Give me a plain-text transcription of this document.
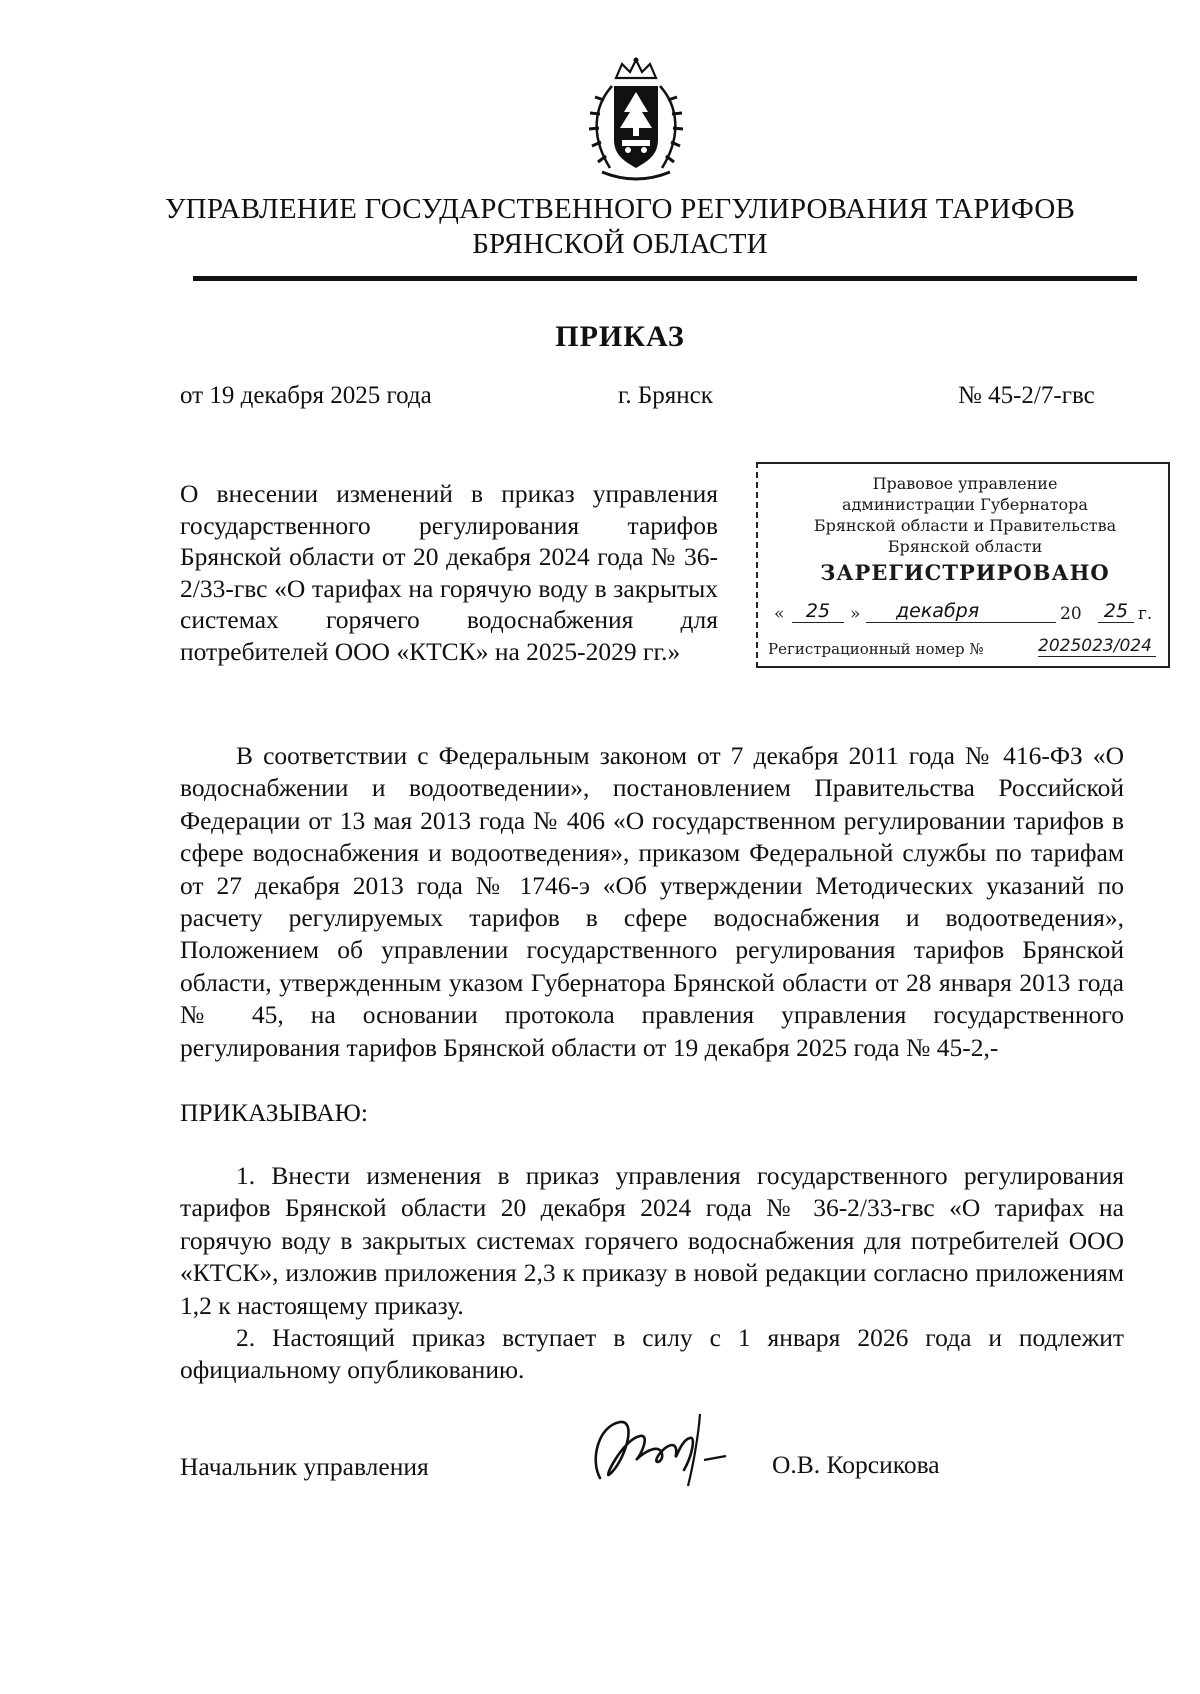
УПРАВЛЕНИЕ ГОСУДАРСТВЕННОГО РЕГУЛИРОВАНИЯ ТАРИФОВ
БРЯНСКОЙ ОБЛАСТИ
ПРИКАЗ
от 19 декабря 2025 года	г. Брянск	№ 45-2/7-гвс
О внесении изменений в приказ управления государственного регулирования тарифов Брянской области от 20 декабря 2024 года № 36-2/33-гвс «О тарифах на горячую воду в закрытых системах горячего водоснабжения для потребителей ООО «КТСК» на 2025-2029 гг.»
Правовое управление
администрации Губернатора
Брянской области и Правительства
Брянской области
ЗАРЕГИСТРИРОВАНО
«	25	»	декабря	20	25 г.
Регистрационный номер №	2025023/024
В соответствии с Федеральным законом от 7 декабря 2011 года № 416-ФЗ «О водоснабжении и водоотведении», постановлением Правительства Российской Федерации от 13 мая 2013 года № 406 «О государственном регулировании тарифов в сфере водоснабжения и водоотведения», приказом Федеральной службы по тарифам от 27 декабря 2013 года № 1746-э «Об утверждении Методических указаний по расчету регулируемых тарифов в сфере водоснабжения и водоотведения», Положением об управлении государственного регулирования тарифов Брянской области, утвержденным указом Губернатора Брянской области от 28 января 2013 года № 45, на основании протокола правления управления государственного регулирования тарифов Брянской области от 19 декабря 2025 года № 45-2,-
ПРИКАЗЫВАЮ:
1. Внести изменения в приказ управления государственного регулирования тарифов Брянской области 20 декабря 2024 года № 36-2/33-гвс «О тарифах на горячую воду в закрытых системах горячего водоснабжения для потребителей ООО «КТСК», изложив приложения 2,3 к приказу в новой редакции согласно приложениям 1,2 к настоящему приказу.
2. Настоящий приказ вступает в силу с 1 января 2026 года и подлежит официальному опубликованию.
Начальник управления	О.В. Корсикова
